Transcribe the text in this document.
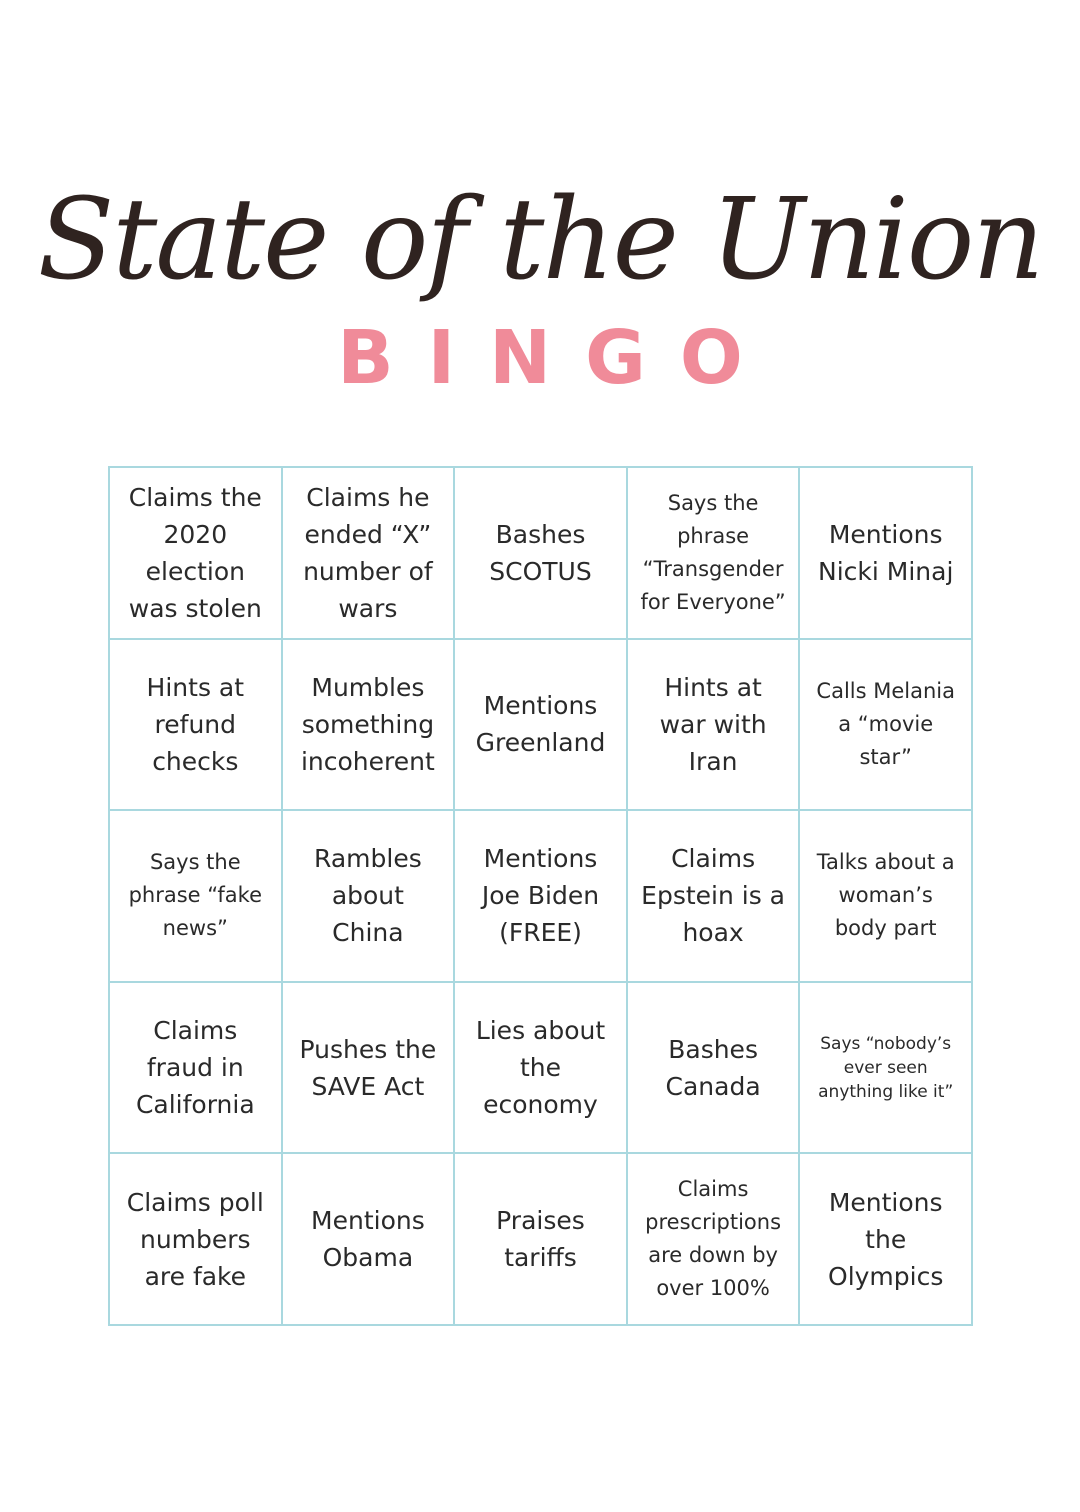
State of the Union
BINGO
Claims the 2020 election was stolen
Claims he ended “X” number of wars
Bashes SCOTUS
Says the phrase “Transgender for Everyone”
Mentions Nicki Minaj
Hints at refund checks
Mumbles something incoherent
Mentions Greenland
Hints at war with Iran
Calls Melania a “movie star”
Says the phrase “fake news”
Rambles about China
Mentions Joe Biden (FREE)
Claims Epstein is a hoax
Talks about a woman’s body part
Claims fraud in California
Pushes the SAVE Act
Lies about the economy
Bashes Canada
Says “nobody’s ever seen anything like it”
Claims poll numbers are fake
Mentions Obama
Praises tariffs
Claims prescriptions are down by over 100%
Mentions the Olympics
